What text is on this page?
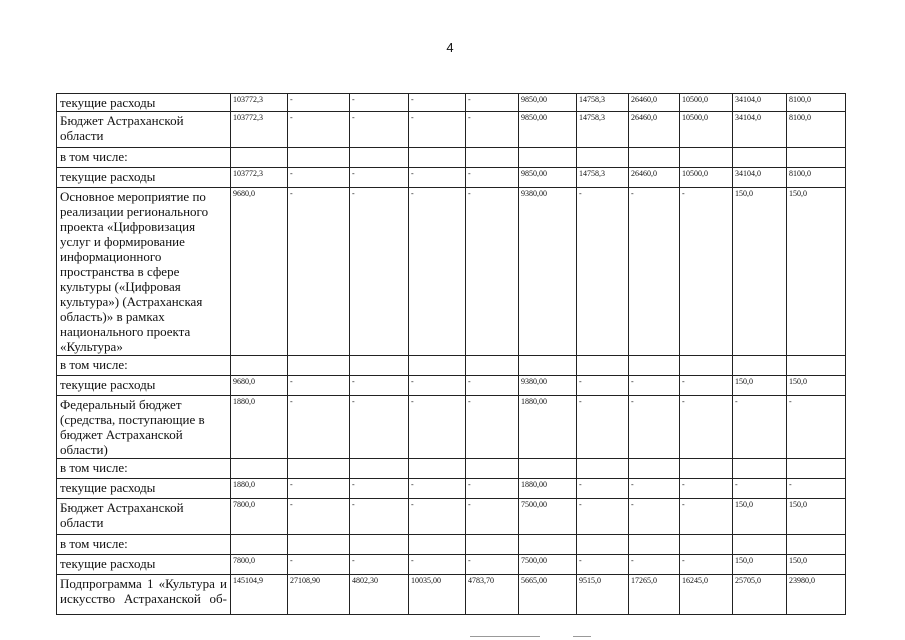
4
текущие расходы	103772,3	-	-	-	-	9850,00	14758,3	26460,0	10500,0	34104,0	8100,0
Бюджет Астраханской области	103772,3	-	-	-	-	9850,00	14758,3	26460,0	10500,0	34104,0	8100,0
в том числе:											
текущие расходы	103772,3	-	-	-	-	9850,00	14758,3	26460,0	10500,0	34104,0	8100,0
Основное мероприятие по реализации регионального проекта «Цифровизация услуг и формирование информационного пространства в сфере культуры («Цифровая культура») (Астраханская область)» в рамках национального проекта «Культура»	9680,0	-	-	-	-	9380,00	-	-	-	150,0	150,0
в том числе:											
текущие расходы	9680,0	-	-	-	-	9380,00	-	-	-	150,0	150,0
Федеральный бюджет (средства, поступающие в бюджет Астраханской области)	1880,0	-	-	-	-	1880,00	-	-	-	-	-
в том числе:											
текущие расходы	1880,0	-	-	-	-	1880,00	-	-	-	-	-
Бюджет Астраханской области	7800,0	-	-	-	-	7500,00	-	-	-	150,0	150,0
в том числе:											
текущие расходы	7800,0	-	-	-	-	7500,00	-	-	-	150,0	150,0
Подпрограмма 1 «Культура и искусство Астраханской об-	145104,9	27108,90	4802,30	10035,00	4783,70	5665,00	9515,0	17265,0	16245,0	25705,0	23980,0
